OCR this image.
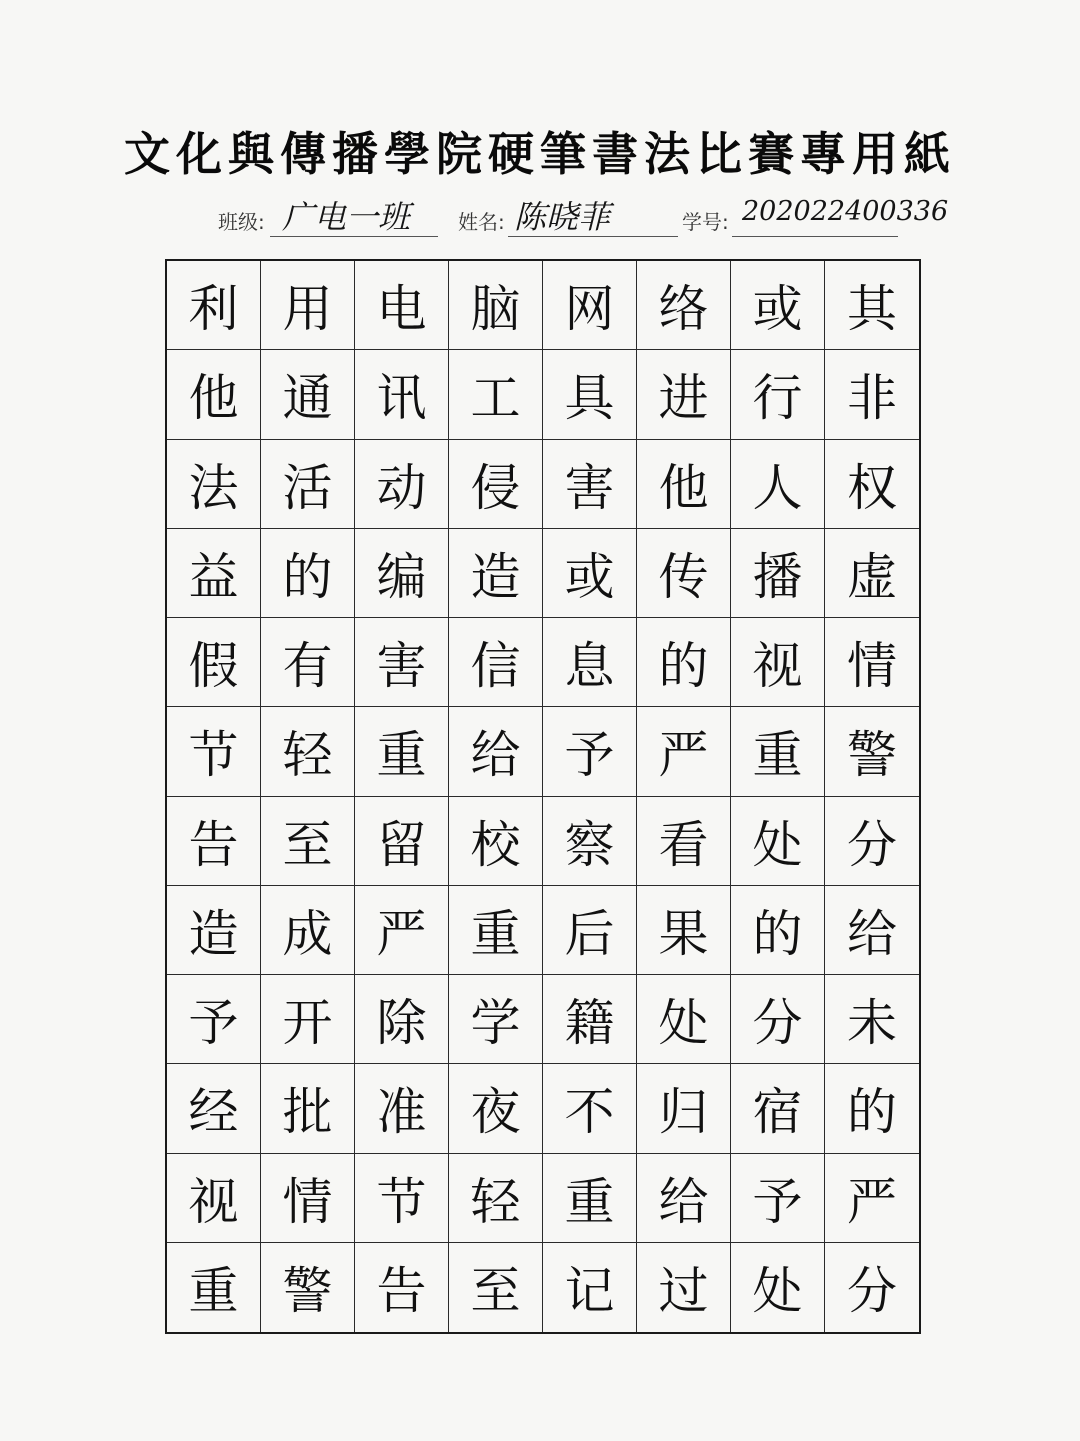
文化與傳播學院硬筆書法比賽專用紙
班级: 广电一班 姓名: 陈晓菲	学号: 202022400336
利 用 电 脑 网 络 或 其
他 通 讯 工 具 进 行 非
法 活 动 侵 害 他 人 权
益 的 编 造 或 传 播 虚
假 有 害 信 息 的 视 情
节 轻 重 给 予 严 重 警
告 至 留 校 察 看 处 分
造 成 严 重 后 果 的 给
予 开 除 学 籍 处 分 未
经 批 准 夜 不 归 宿 的
视 情 节 轻 重 给 予 严
重 警 告 至 记 过 处 分
